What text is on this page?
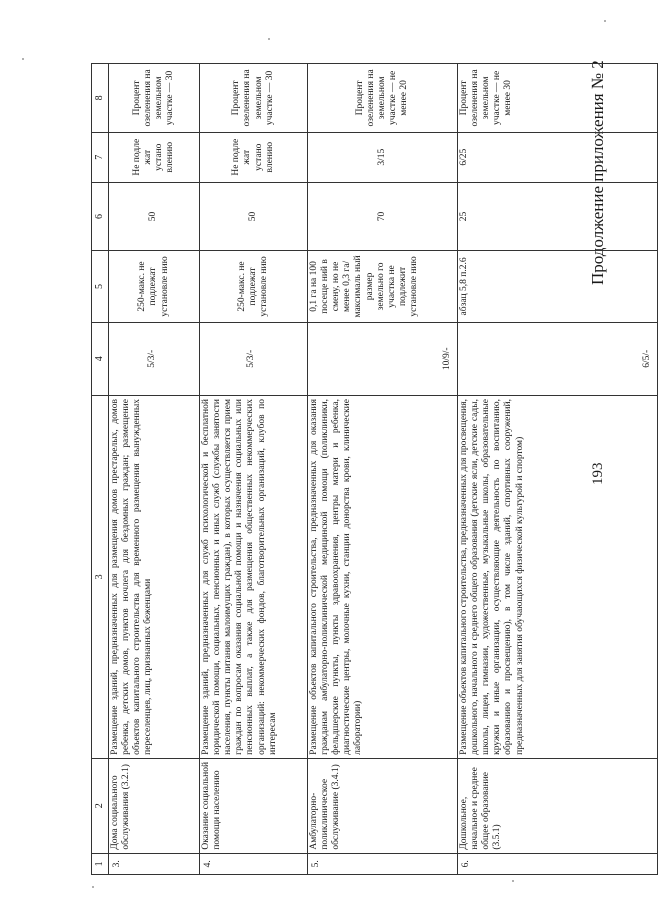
193
Продолжение приложения № 2
1	2	3	4	5	6	7	8
3.	Дома социального обслуживания (3.2.1)	Размещение зданий, предназначенных для размещения домов престарелых, домов ребенка, детских домов, пунктов ночлега для бездомных граждан; размещение объектов капитального строительства для временного размещения вынужденных переселенцев, лиц, признанных беженцами	5/3/-	250-макс. не подлежат установле нию	50	Не подле жат устано влению	Процент озеленения на земельном участке — 30
4.	Оказание социальной помощи населению	Размещение зданий, предназначенных для служб психологической и бесплатной юридической помощи, социальных, пенсионных и иных служб (службы занятости населения, пункты питания малоимущих граждан), в которых осуществляется прием граждан по вопросам оказания социальной помощи и назначения социальных или пенсионных выплат, а также для размещения общественных некоммерческих организаций: некоммерческих фондов, благотворительных организаций, клубов по интересам	5/3/-	250-макс. не подлежат установле нию	50	Не подле жат устано влению	Процент озеленения на земельном участке — 30
5.	Амбулаторно-поликлиническое обслуживание (3.4.1)	Размещение объектов капитального строительства, предназначенных для оказания гражданам амбулаторно-поликлинической медицинской помощи (поликлиники, фельдшерские пункты, пункты здравоохранения, центры матери и ребенка, диагностические центры, молочные кухни, станции донорства крови, клинические лаборатории)	10/9/-	0,1 га на 100 посеще ний в смену, но не менее 0,3 га/ максималь ный размер земельно го участка не подлежит установле нию	70	3/15	Процент озеленения на земельном участке — не менее 20
6.	Дошкольное, начальное и среднее общее образование (3.5.1)	Размещение объектов капитального строительства, предназначенных для просвещения, дошкольного, начального и среднего общего образования (детские ясли, детские сады, школы, лицеи, гимназии, художественные, музыкальные школы, образовательные кружки и иные организации, осуществляющие деятельность по воспитанию, образованию и просвещению), в том числе зданий, спортивных сооружений, предназначенных для занятия обучающихся физической культурой и спортом)	6/5/-	абзац 5,8 п.2.6	25	6/25	Процент озеленения на земельном участке — не менее 30
